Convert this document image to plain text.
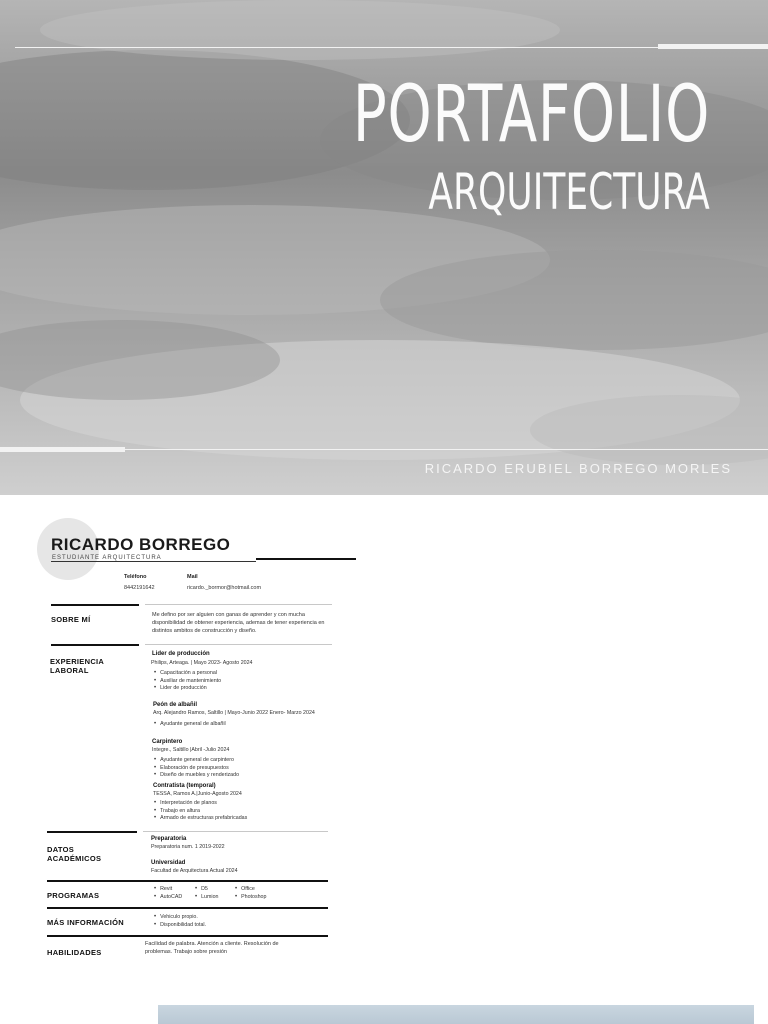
PORTAFOLIO
ARQUITECTURA
RICARDO ERUBIEL BORREGO MORLES
RICARDO BORREGO
ESTUDIANTE ARQUITECTURA
Teléfono
8442191642
Mail
ricardo._bormor@hotmail.com
SOBRE MÍ	Me defino por ser alguien con ganas de aprender y con mucha disponibilidad de obtener experiencia, ademas de tener experiencia en distintos ambitos de construcción y diseño.
EXPERIENCIA LABORAL
Lider de producción
Philips, Arteaga. | Mayo 2023- Agosto 2024
• Capacitación a personal
• Auxiliar de mantenimiento
• Lider de producción
Peón de albañil
Arq. Alejandro Ramos, Saltillo | Mayo-Junio 2022 Enero- Marzo 2024
• Ayudante general de albañil
Carpintero
Integre., Saltillo |Abril -Julio 2024
• Ayudante general de carpintero
• Elaboración de presupuestos
• Diseño de muebles y renderizado
Contratista (temporal)
TESSA, Ramos A.|Junio-Agosto 2024
• Interpretación de planos
• Trabajo en altura
• Armado de estructuras prefabricadas
DATOS ACADÉMICOS
Preparatoria
Preparatoria num. 1 2019-2022
Universidad
Facultad de Arquitectura Actual 2024
PROGRAMAS
• Revit
• AutoCAD
• D5
• Lumion
• Office
• Photoshop
MÁS INFORMACIÓN
• Vehiculo propio.
• Disponibilidad total.
HABILIDADES
Facilidad de palabra. Atención a cliente. Resolución de problemas. Trabajo sobre presión
